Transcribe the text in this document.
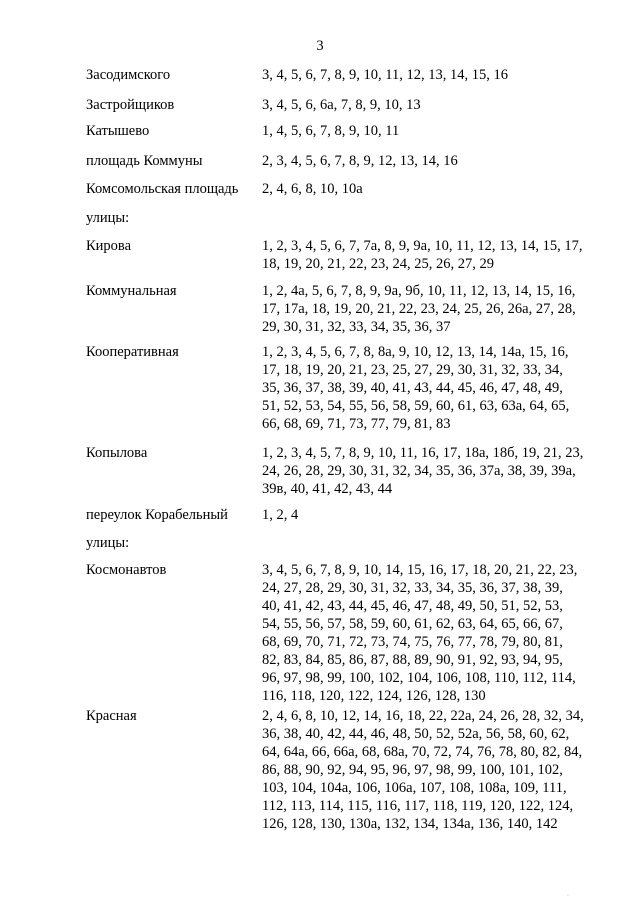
3
Засодимского	3, 4, 5, 6, 7, 8, 9, 10, 11, 12, 13, 14, 15, 16
Застройщиков	3, 4, 5, 6, 6а, 7, 8, 9, 10, 13
Катышево	1, 4, 5, 6, 7, 8, 9, 10, 11
площадь Коммуны	2, 3, 4, 5, 6, 7, 8, 9, 12, 13, 14, 16
Комсомольская площадь	2, 4, 6, 8, 10, 10а
улицы:
Кирова	1, 2, 3, 4, 5, 6, 7, 7а, 8, 9, 9а, 10, 11, 12, 13, 14, 15, 17,
18, 19, 20, 21, 22, 23, 24, 25, 26, 27, 29
Коммунальная	1, 2, 4а, 5, 6, 7, 8, 9, 9а, 9б, 10, 11, 12, 13, 14, 15, 16,
17, 17а, 18, 19, 20, 21, 22, 23, 24, 25, 26, 26а, 27, 28,
29, 30, 31, 32, 33, 34, 35, 36, 37
Кооперативная	1, 2, 3, 4, 5, 6, 7, 8, 8а, 9, 10, 12, 13, 14, 14а, 15, 16,
17, 18, 19, 20, 21, 23, 25, 27, 29, 30, 31, 32, 33, 34,
35, 36, 37, 38, 39, 40, 41, 43, 44, 45, 46, 47, 48, 49,
51, 52, 53, 54, 55, 56, 58, 59, 60, 61, 63, 63а, 64, 65,
66, 68, 69, 71, 73, 77, 79, 81, 83
Копылова	1, 2, 3, 4, 5, 7, 8, 9, 10, 11, 16, 17, 18а, 18б, 19, 21, 23,
24, 26, 28, 29, 30, 31, 32, 34, 35, 36, 37а, 38, 39, 39а,
39в, 40, 41, 42, 43, 44
переулок Корабельный	1, 2, 4
улицы:
Космонавтов	3, 4, 5, 6, 7, 8, 9, 10, 14, 15, 16, 17, 18, 20, 21, 22, 23,
24, 27, 28, 29, 30, 31, 32, 33, 34, 35, 36, 37, 38, 39,
40, 41, 42, 43, 44, 45, 46, 47, 48, 49, 50, 51, 52, 53,
54, 55, 56, 57, 58, 59, 60, 61, 62, 63, 64, 65, 66, 67,
68, 69, 70, 71, 72, 73, 74, 75, 76, 77, 78, 79, 80, 81,
82, 83, 84, 85, 86, 87, 88, 89, 90, 91, 92, 93, 94, 95,
96, 97, 98, 99, 100, 102, 104, 106, 108, 110, 112, 114,
116, 118, 120, 122, 124, 126, 128, 130
Красная	2, 4, 6, 8, 10, 12, 14, 16, 18, 22, 22а, 24, 26, 28, 32, 34,
36, 38, 40, 42, 44, 46, 48, 50, 52, 52а, 56, 58, 60, 62,
64, 64а, 66, 66а, 68, 68а, 70, 72, 74, 76, 78, 80, 82, 84,
86, 88, 90, 92, 94, 95, 96, 97, 98, 99, 100, 101, 102,
103, 104, 104а, 106, 106а, 107, 108, 108а, 109, 111,
112, 113, 114, 115, 116, 117, 118, 119, 120, 122, 124,
126, 128, 130, 130а, 132, 134, 134а, 136, 140, 142
·
